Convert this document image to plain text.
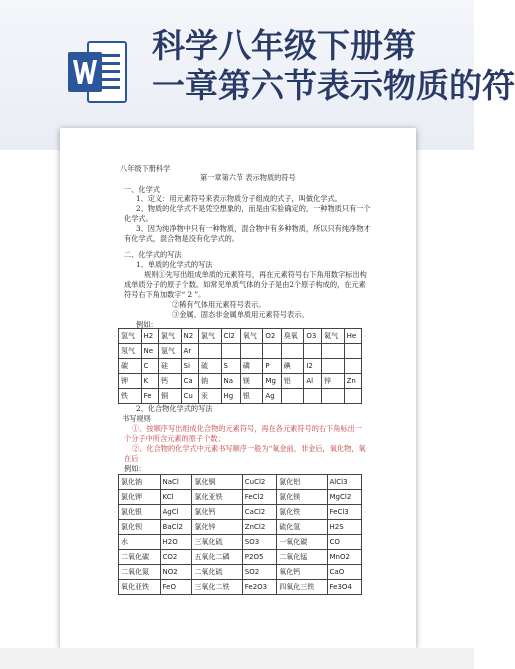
科学八年级下册第
一章第六节表示物质的符
八年级下册科学
第一章第六节 表示物质的符号
一、化学式
1、定义：用元素符号来表示物质分子组成的式子，叫做化学式。
2、物质的化学式不是凭空想象的，而是由实验确定的，一种物质只有一个
化学式。
3、因为纯净物中只有一种物质，混合物中有多种物质，所以只有纯净物才
有化学式，混合物是没有化学式的。
二、化学式的写法
1、单质的化学式的写法
规则①先写出组成单质的元素符号，再在元素符号右下角用数字标出构
成单质分子的原子个数。如常见单质气体的分子是由2个原子构成的，在元素
符号右下角加数字“ 2 ”。
②稀有气体用元素符号表示。
③金属、固态非金属单质用元素符号表示。
例如：
氢气	H2	氯气	N2	氯气	Cl2	氧气	O2	臭氧	O3	氦气	He
氖气	Ne	氩气	Ar								
碳	C	硅	Si	硫	S	磷	P	碘	I2		
钾	K	钙	Ca	钠	Na	镁	Mg	铝	Al	锌	Zn
铁	Fe	铜	Cu	汞	Hg	银	Ag				
2、化合物化学式的写法
书写规则
①、按顺序写出组成化合物的元素符号，再在各元素符号的右下角标出一
个分子中所含元素的原子个数；
②、化合物的化学式中元素书写顺序一般为“氧金前，非金后，氧化物，氧
在后
例如：
氯化钠	NaCl	氯化铜	CuCl2	氯化铝	AlCl3
氯化钾	KCl	氯化亚铁	FeCl2	氯化镁	MgCl2
氯化银	AgCl	氯化钙	CaCl2	氯化铁	FeCl3
氯化钡	BaCl2	氯化锌	ZnCl2	硫化氢	H2S
水	H2O	三氧化硫	SO3	一氧化碳	CO
二氧化碳	CO2	五氧化二磷	P2O5	二氧化锰	MnO2
二氧化氮	NO2	二氧化硫	SO2	氧化钙	CaO
氧化亚铁	FeO	三氧化二铁	Fe2O3	四氧化三铁	Fe3O4
